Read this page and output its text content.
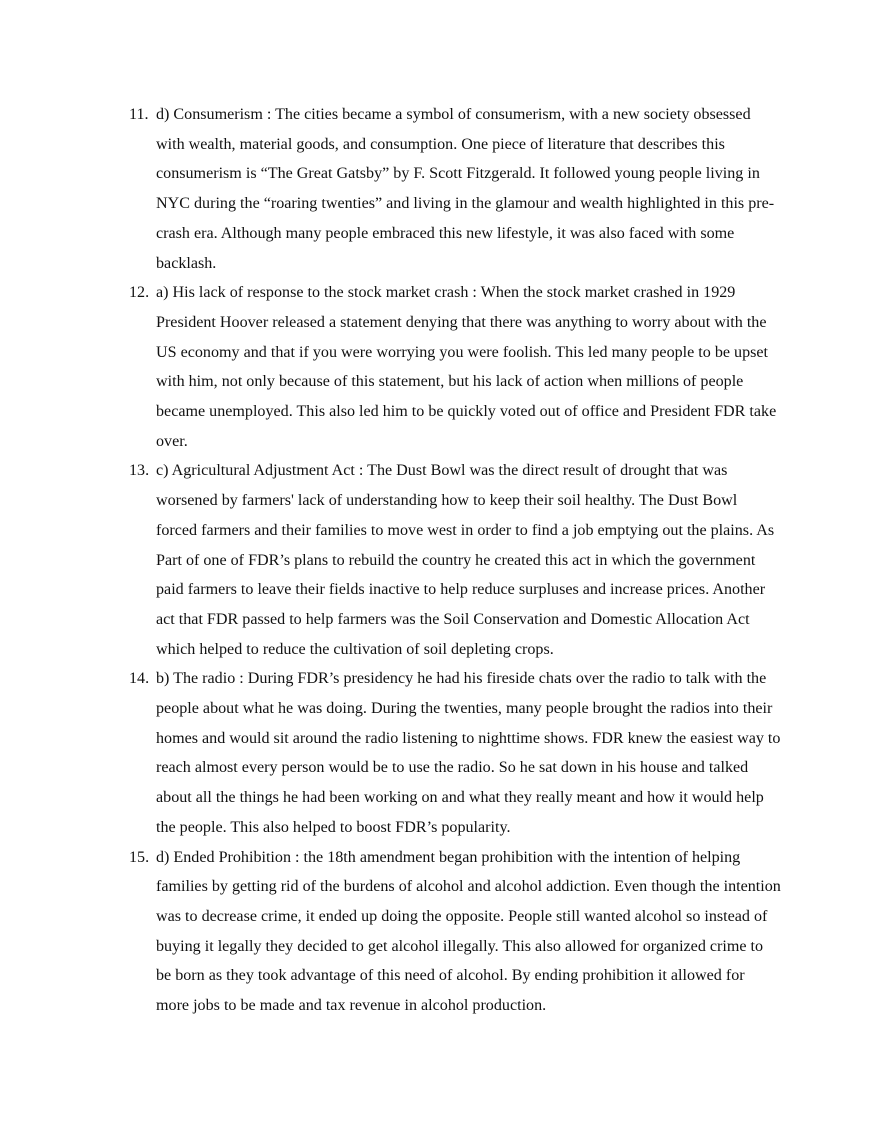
11. d) Consumerism : The cities became a symbol of consumerism, with a new society obsessed with wealth, material goods, and consumption. One piece of literature that describes this consumerism is “The Great Gatsby” by F. Scott Fitzgerald. It followed young people living in NYC during the “roaring twenties” and living in the glamour and wealth highlighted in this pre-crash era. Although many people embraced this new lifestyle, it was also faced with some backlash.
12. a) His lack of response to the stock market crash : When the stock market crashed in 1929 President Hoover released a statement denying that there was anything to worry about with the US economy and that if you were worrying you were foolish. This led many people to be upset with him, not only because of this statement, but his lack of action when millions of people became unemployed. This also led him to be quickly voted out of office and President FDR take over.
13. c) Agricultural Adjustment Act : The Dust Bowl was the direct result of drought that was worsened by farmers' lack of understanding how to keep their soil healthy. The Dust Bowl forced farmers and their families to move west in order to find a job emptying out the plains. As Part of one of FDR’s plans to rebuild the country he created this act in which the government paid farmers to leave their fields inactive to help reduce surpluses and increase prices. Another act that FDR passed to help farmers was the Soil Conservation and Domestic Allocation Act which helped to reduce the cultivation of soil depleting crops.
14. b) The radio : During FDR’s presidency he had his fireside chats over the radio to talk with the people about what he was doing. During the twenties, many people brought the radios into their homes and would sit around the radio listening to nighttime shows. FDR knew the easiest way to reach almost every person would be to use the radio. So he sat down in his house and talked about all the things he had been working on and what they really meant and how it would help the people. This also helped to boost FDR’s popularity.
15. d) Ended Prohibition : the 18th amendment began prohibition with the intention of helping families by getting rid of the burdens of alcohol and alcohol addiction. Even though the intention was to decrease crime, it ended up doing the opposite. People still wanted alcohol so instead of buying it legally they decided to get alcohol illegally. This also allowed for organized crime to be born as they took advantage of this need of alcohol. By ending prohibition it allowed for more jobs to be made and tax revenue in alcohol production.
